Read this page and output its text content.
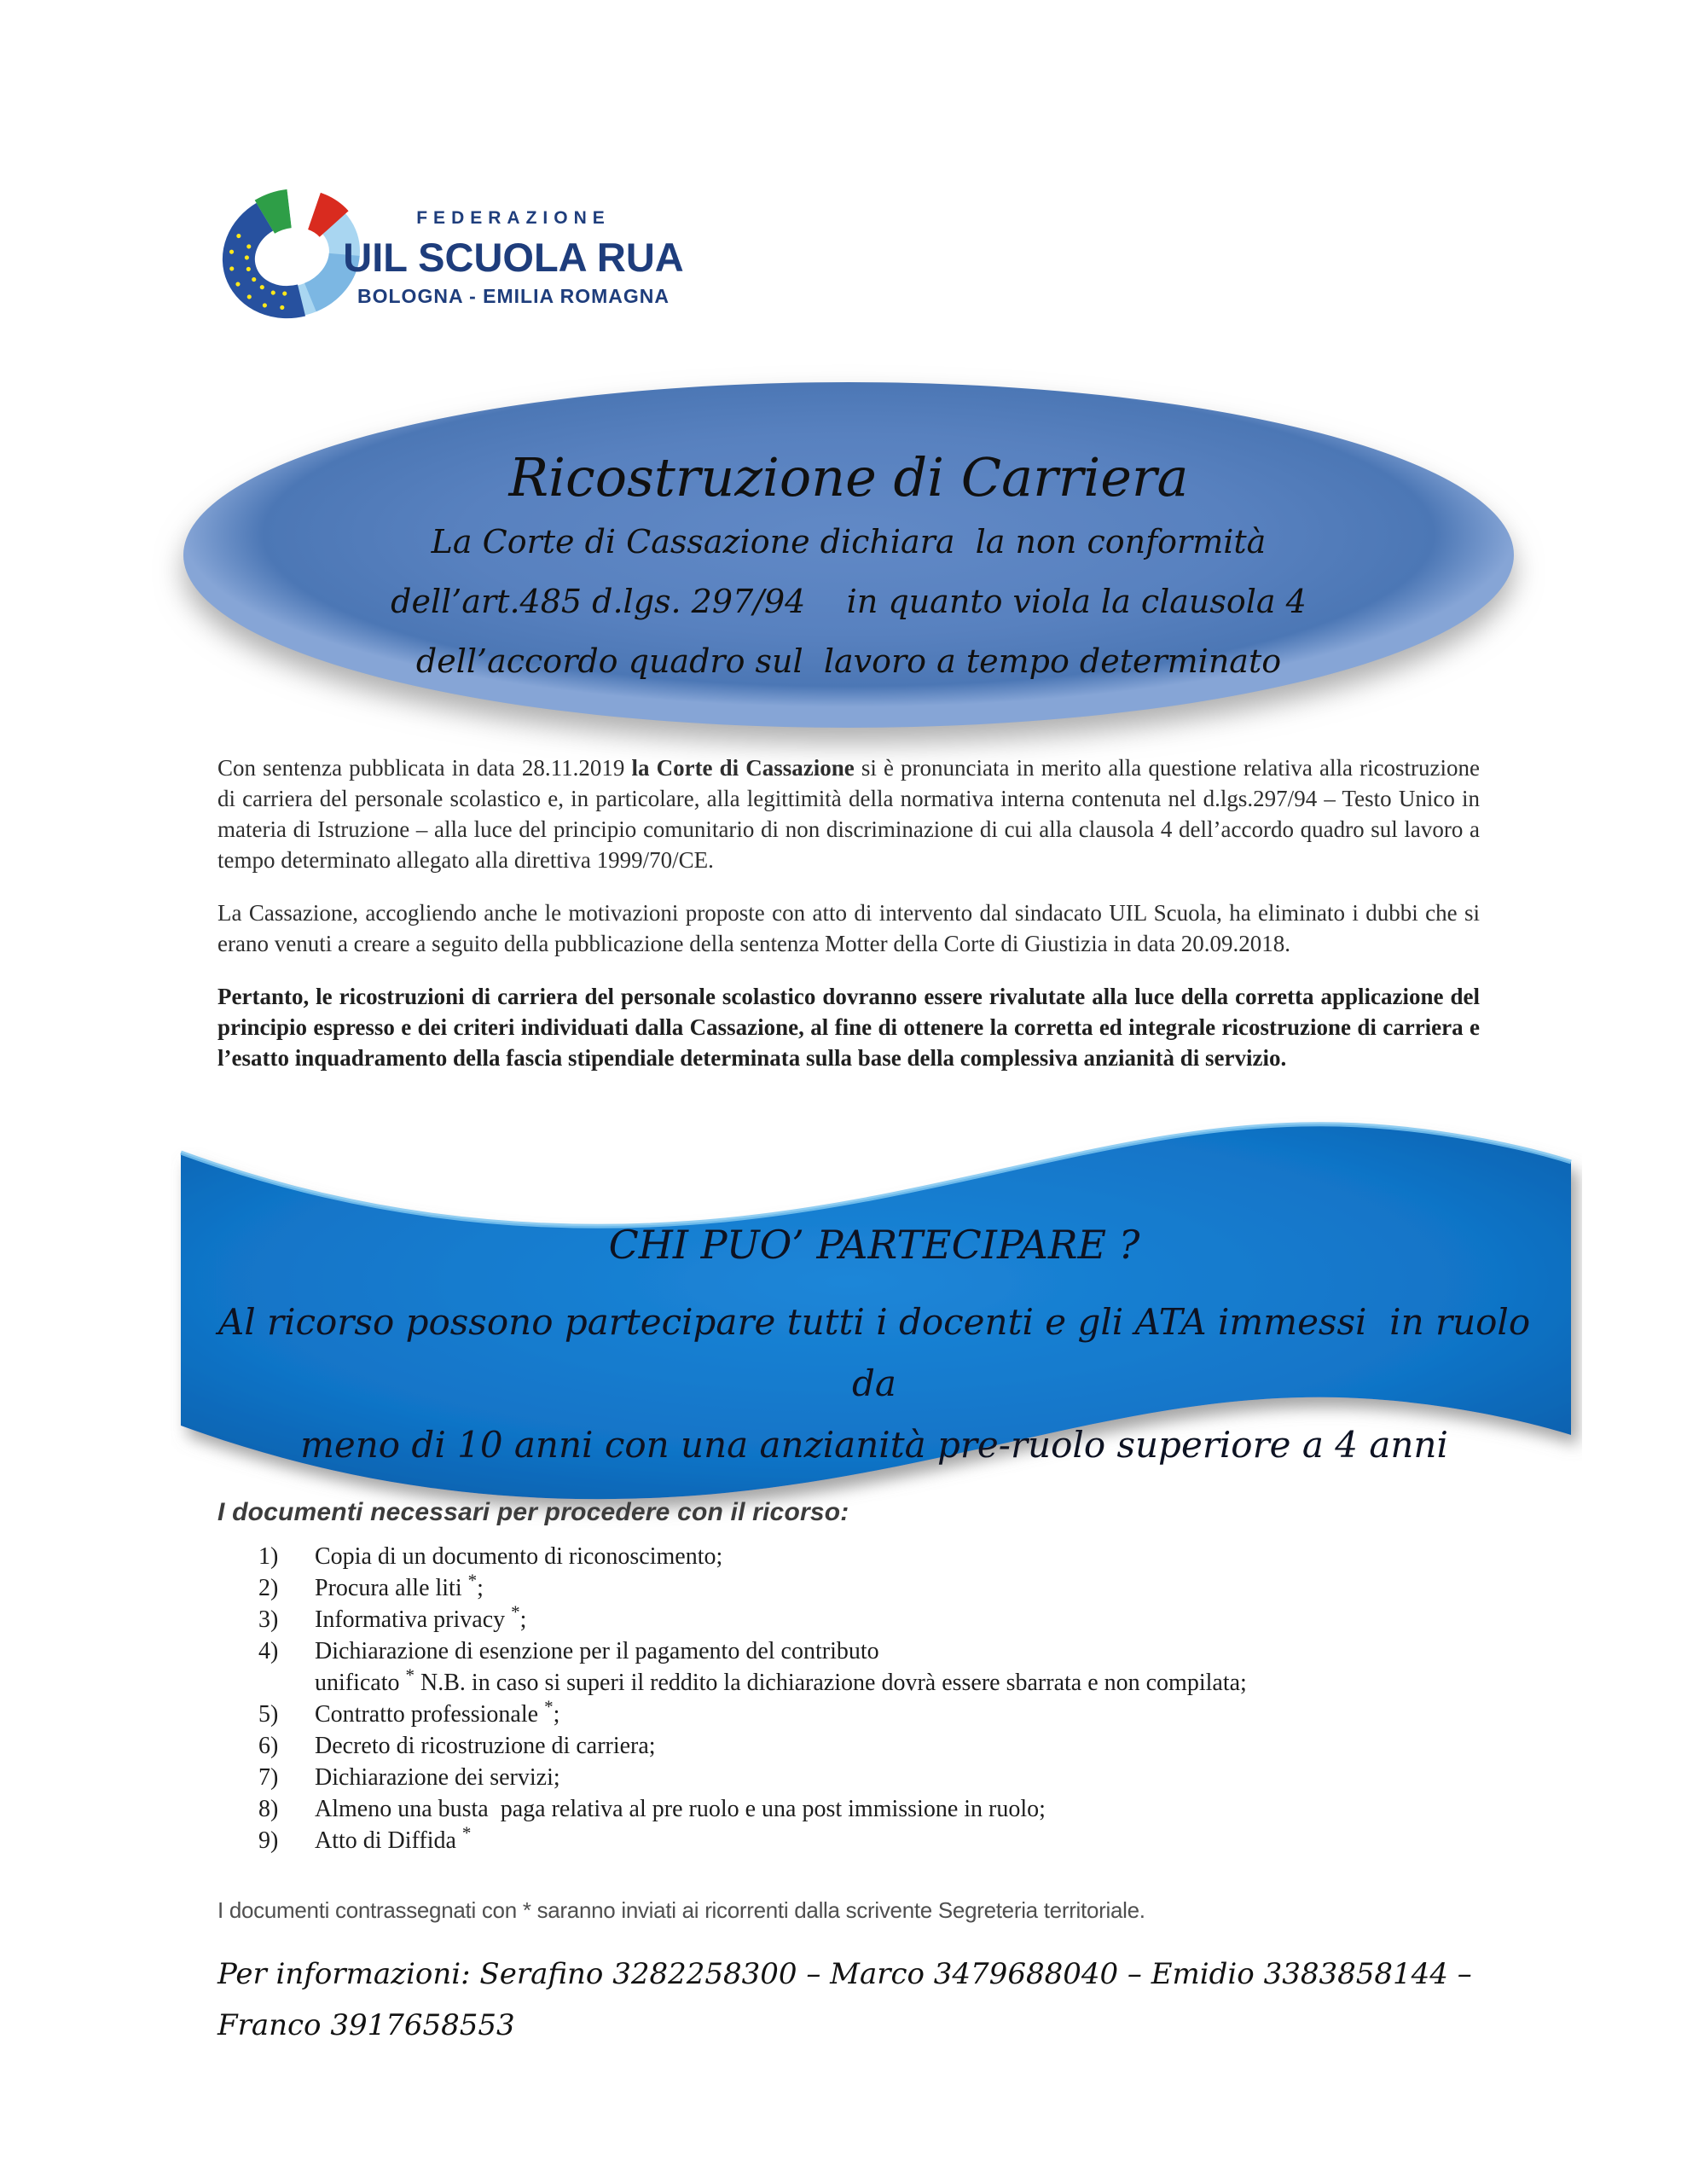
FEDERAZIONE
UIL SCUOLA RUA
BOLOGNA - EMILIA ROMAGNA
Ricostruzione di Carriera
La Corte di Cassazione dichiara  la non conformità
dell’art.485 d.lgs. 297/94    in quanto viola la clausola 4
dell’accordo quadro sul  lavoro a tempo determinato

Con sentenza pubblicata in data 28.11.2019 la Corte di Cassazione si è pronunciata in merito alla questione relativa alla ricostruzione di carriera del personale scolastico e, in particolare, alla legittimità della normativa interna contenuta nel d.lgs.297/94 – Testo Unico in materia di Istruzione – alla luce del principio comunitario di non discriminazione di cui alla clausola 4 dell’accordo quadro sul lavoro a tempo determinato allegato alla direttiva 1999/70/CE.

La Cassazione, accogliendo anche le motivazioni proposte con atto di intervento dal sindacato UIL Scuola, ha eliminato i dubbi che si erano venuti a creare a seguito della pubblicazione della sentenza Motter della Corte di Giustizia in data 20.09.2018.

Pertanto, le ricostruzioni di carriera del personale scolastico dovranno essere rivalutate alla luce della corretta applicazione del principio espresso e dei criteri individuati dalla Cassazione, al fine di ottenere la corretta ed integrale ricostruzione di carriera e l’esatto inquadramento della fascia stipendiale determinata sulla base della complessiva anzianità di servizio.

CHI PUO’ PARTECIPARE ?
Al ricorso possono partecipare tutti i docenti e gli ATA immessi  in ruolo da
meno di 10 anni con una anzianità pre-ruolo superiore a 4 anni
I documenti necessari per procedere con il ricorso:
1)	Copia di un documento di riconoscimento;
2)	Procura alle liti *;
3)	Informativa privacy *;
4)	Dichiarazione di esenzione per il pagamento del contributo
unificato * N.B. in caso si superi il reddito la dichiarazione dovrà essere sbarrata e non compilata;
5)	Contratto professionale *;
6)	Decreto di ricostruzione di carriera;
7)	Dichiarazione dei servizi;
8)	Almeno una busta  paga relativa al pre ruolo e una post immissione in ruolo;
9)	Atto di Diffida *

I documenti contrassegnati con * saranno inviati ai ricorrenti dalla scrivente Segreteria territoriale.

Per informazioni: Serafino 3282258300 – Marco 3479688040 – Emidio 3383858144 – Franco 3917658553
